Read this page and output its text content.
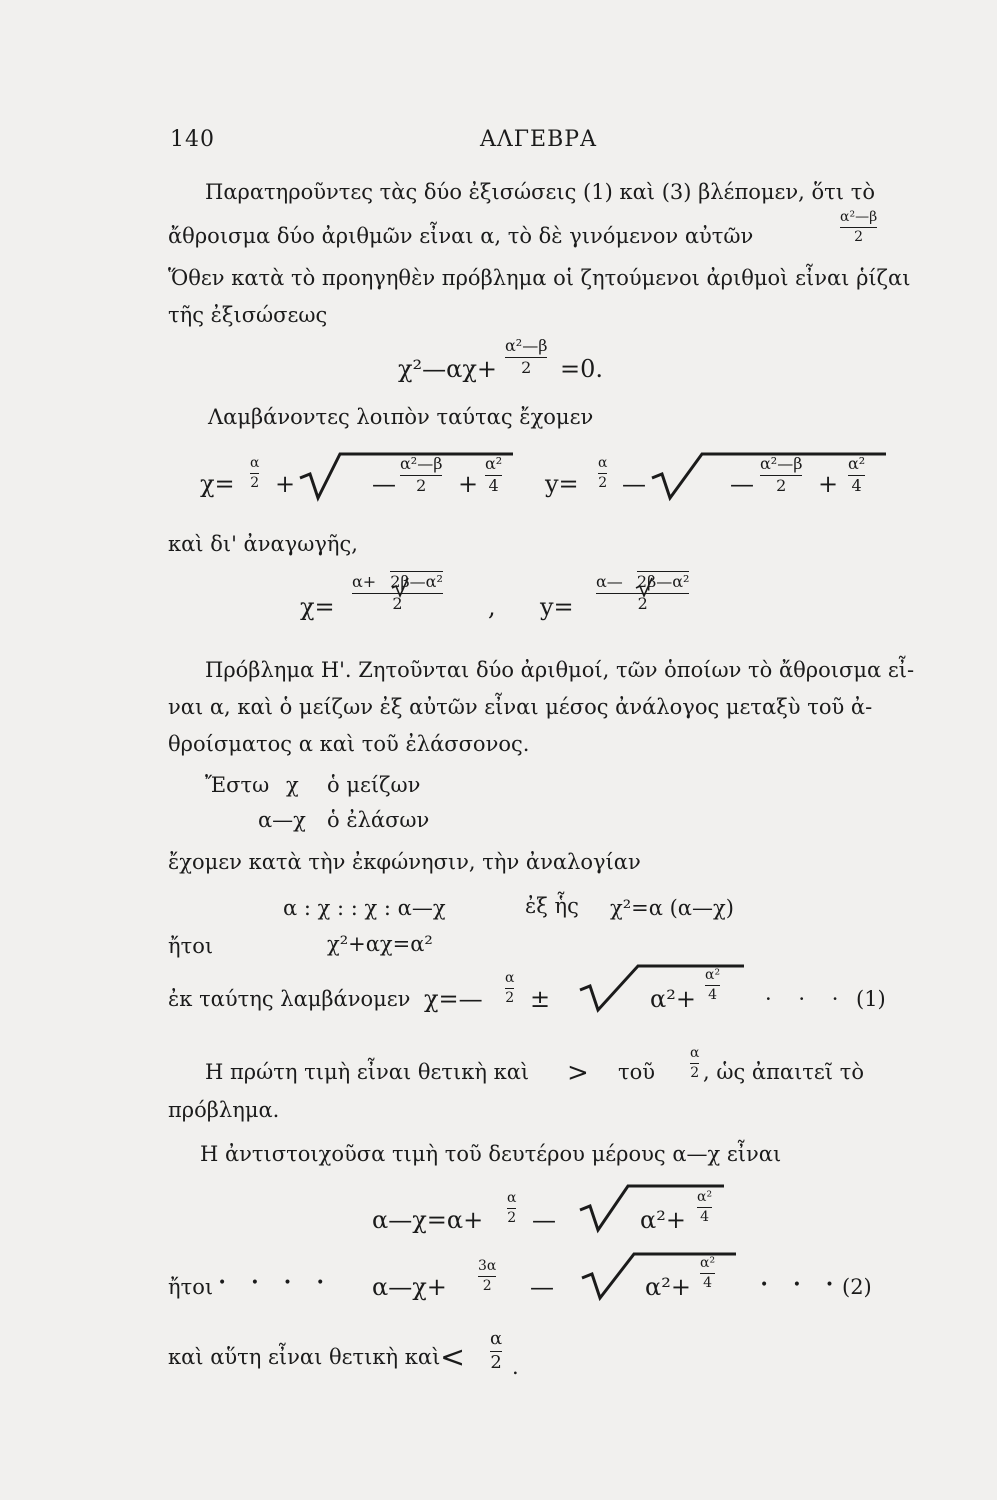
140	ΑΛΓΕΒΡΑ
Παρατηροῦντες τὰς δύο ἐξισώσεις (1) καὶ (3) βλέπομεν, ὅτι τὸ
ἄθροισμα δύο ἀριθμῶν εἶναι α, τὸ δὲ γινόμενον αὐτῶν
α²—β
2
Ὅθεν κατὰ τὸ προηγηθὲν πρόβλημα οἱ ζητούμενοι ἀριθμοὶ εἶναι ῥίζαι
τῆς ἐξισώσεως
χ²—αχ+
α²—β
2 =0.
Λαμβάνοντες λοιπὸν ταύτας ἔχομεν
χ=
α
2 +	—
α²—β
2 +
α²
4 y=
α
2 —	—
α²—β
2 +
α²
4
καὶ δι' ἀναγωγῆς,
χ=
α+ 2β—α²
2	, y=
α— 2β—α²
2
Πρόβλημα Η'. Ζητοῦνται δύο ἀριθμοί, τῶν ὁποίων τὸ ἄθροισμα εἶ-
ναι α, καὶ ὁ μείζων ἐξ αὐτῶν εἶναι μέσος ἀνάλογος μεταξὺ τοῦ ἀ-
θροίσματος α καὶ τοῦ ἐλάσσονος.
Ἔστω χ ὁ μείζων
α—χ ὁ ἐλάσων
ἔχομεν κατὰ τὴν ἐκφώνησιν, τὴν ἀναλογίαν
α : χ : : χ : α—χ	ἐξ ἧς χ²=α (α—χ)
ἤτοι	χ²+αχ=α²
ἐκ ταύτης λαμβάνομεν χ=—
α
2 ±	α²+
α²
4 · · · (1)
Η πρώτη τιμὴ εἶναι θετικὴ καὶ > τοῦ
α
2 , ὡς ἀπαιτεῖ τὸ
πρόβλημα.
Η ἀντιστοιχοῦσα τιμὴ τοῦ δευτέρου μέρους α—χ εἶναι
α—χ=α+
α
2 —	α²+
α²
4
ἤτοι • • • • α—χ+
3α
2 —	α²+
α²
4	• • •
(2)
καὶ αὕτη εἶναι θετικὴ καὶ <
α
2 .
